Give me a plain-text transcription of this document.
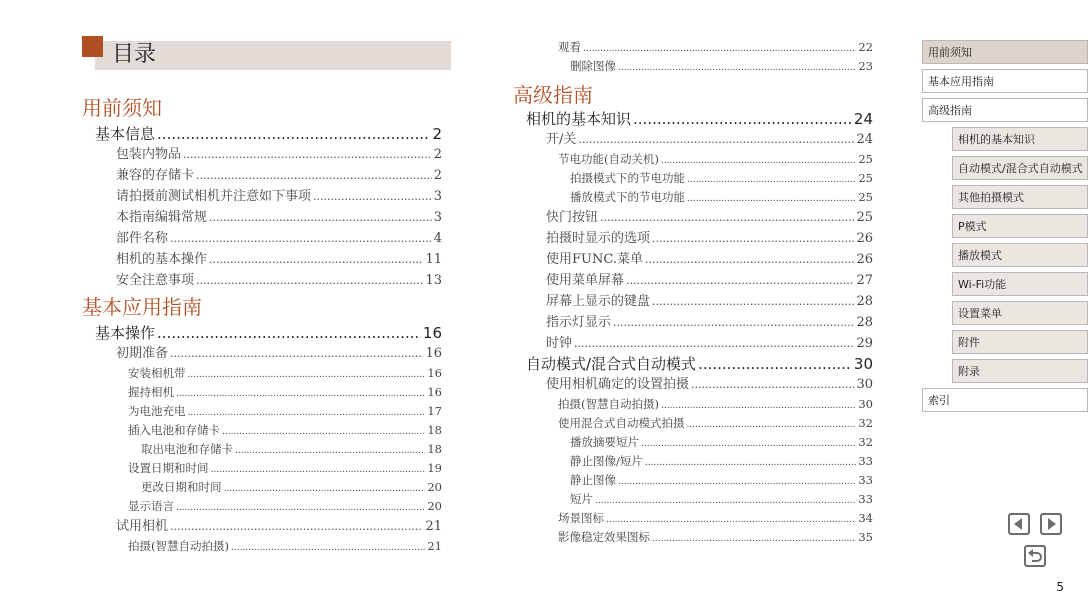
目录
用前须知
基本信息 .....	2
包装内物品 .....	2
兼容的存储卡 .....	2
请拍摄前测试相机并注意如下事项 .....	3
本指南编辑常规 .....	3
部件名称 .....	4
相机的基本操作 .....	11
安全注意事项 .....	13
基本应用指南
基本操作 .....	16
初期准备 .....	16
安装相机带 .....	16
握持相机 .....	16
为电池充电 .....	17
插入电池和存储卡 .....	18
取出电池和存储卡 .....	18
设置日期和时间 .....	19
更改日期和时间 .....	20
显示语言 .....	20
试用相机 .....	21
拍摄(智慧自动拍摄) .....	21
观看 .....	22
删除图像 .....	23
高级指南
相机的基本知识 .....	24
开/关 .....	24
节电功能(自动关机) .....	25
拍摄模式下的节电功能 .....	25
播放模式下的节电功能 .....	25
快门按钮 .....	25
拍摄时显示的选项 .....	26
使用FUNC.菜单 .....	26
使用菜单屏幕 .....	27
屏幕上显示的键盘 .....	28
指示灯显示 .....	28
时钟 .....	29
自动模式/混合式自动模式 .....	30
使用相机确定的设置拍摄 .....	30
拍摄(智慧自动拍摄) .....	30
使用混合式自动模式拍摄 .....	32
播放摘要短片 .....	32
静止图像/短片 .....	33
静止图像 .....	33
短片 .....	33
场景图标 .....	34
影像稳定效果图标 .....	35
用前须知
基本应用指南
高级指南
相机的基本知识
自动模式/混合式自动模式
其他拍摄模式
P模式
播放模式
Wi-Fi功能
设置菜单
附件
附录
索引
5
